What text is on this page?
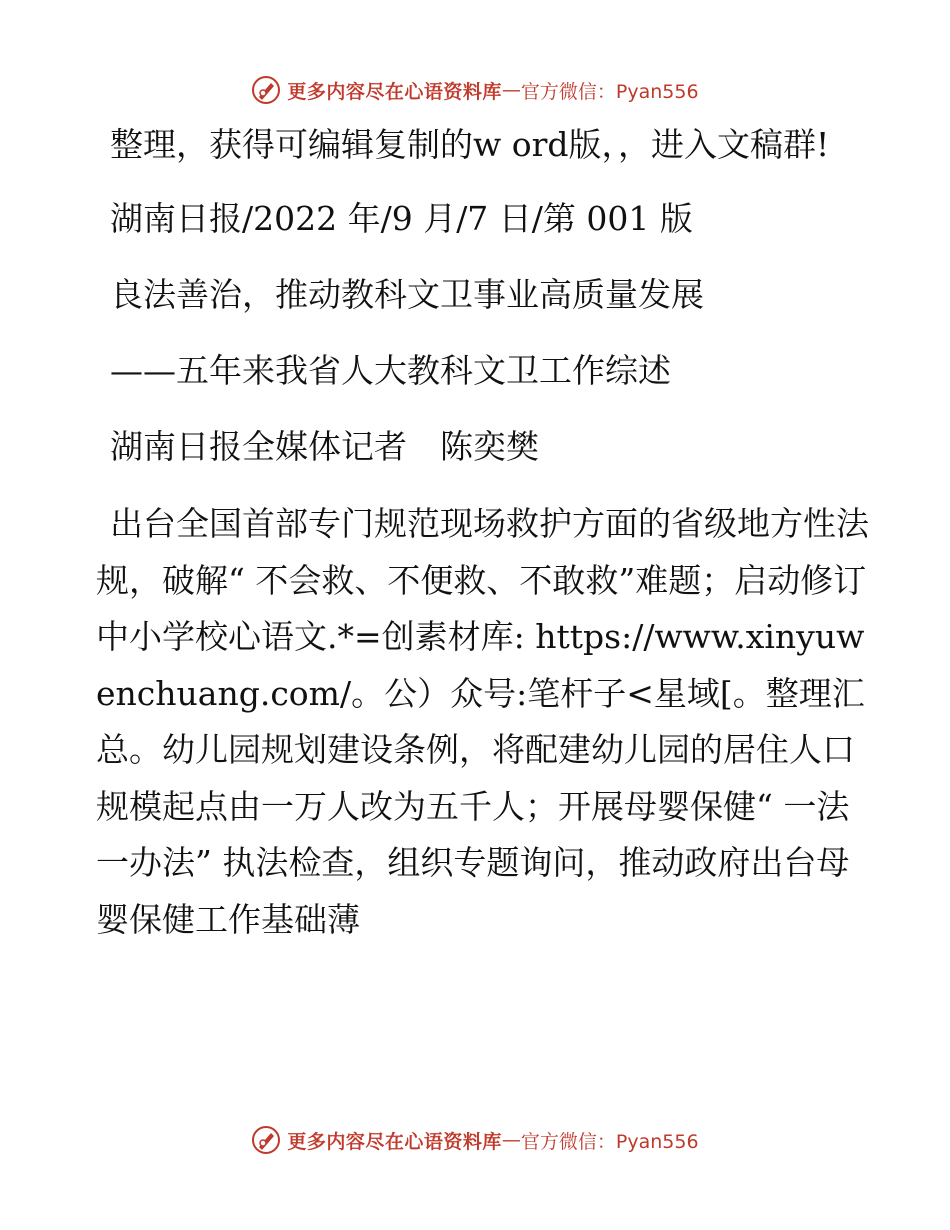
更多内容尽在心语资料库 — 官方微信：Pyan556

整理，获得可编辑复制的w ord版，，进入文稿群!

湖南日报/2022 年/9 月/7 日/第 001 版

良法善治，推动教科文卫事业高质量发展

——五年来我省人大教科文卫工作综述

湖南日报全媒体记者　陈奕樊

出台全国首部专门规范现场救护方面的省级地方性法规，破解“ 不会救、不便救、不敢救”难题；启动修订中小学校心语文.*=创素材库: https://www.xinyuwenchuang.com/。公）众号:笔杆子<星域[。整理汇总。幼儿园规划建设条例，将配建幼儿园的居住人口规模起点由一万人改为五千人；开展母婴保健“ 一法一办法” 执法检查，组织专题询问，推动政府出台母婴保健工作基础薄

更多内容尽在心语资料库 — 官方微信：Pyan556
